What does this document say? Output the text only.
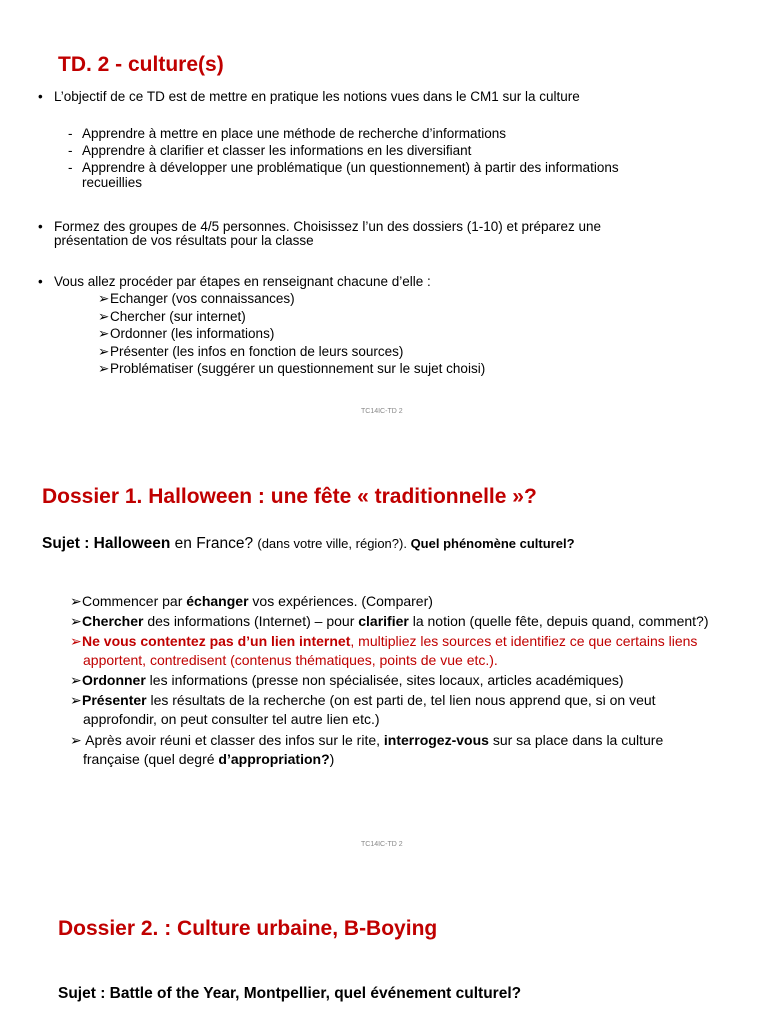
TD. 2 - culture(s)
• L’objectif de ce TD est de mettre en pratique les notions vues dans le CM1 sur la culture
- Apprendre à mettre en place une méthode de recherche d’informations
- Apprendre à clarifier et classer les informations en les diversifiant
- Apprendre à développer une problématique (un questionnement) à partir des informations
recueillies
• Formez des groupes de 4/5 personnes. Choisissez l’un des dossiers (1-10) et préparez une
présentation de vos résultats pour la classe
• Vous allez procéder par étapes en renseignant chacune d’elle :
➢Echanger (vos connaissances)
➢Chercher (sur internet)
➢Ordonner (les informations)
➢Présenter (les infos en fonction de leurs sources)
➢Problématiser (suggérer un questionnement sur le sujet choisi)
TC14IC-TD 2
Dossier 1. Halloween : une fête « traditionnelle »?
Sujet : Halloween en France? (dans votre ville, région?). Quel phénomène culturel?
➢Commencer par échanger vos expériences. (Comparer)
➢Chercher des informations (Internet) – pour clarifier la notion (quelle fête, depuis quand, comment?)
➢Ne vous contentez pas d’un lien internet, multipliez les sources et identifiez ce que certains liens
apportent, contredisent (contenus thématiques, points de vue etc.).
➢Ordonner les informations (presse non spécialisée, sites locaux, articles académiques)
➢Présenter les résultats de la recherche (on est parti de, tel lien nous apprend que, si on veut
approfondir, on peut consulter tel autre lien etc.)
➢ Après avoir réuni et classer des infos sur le rite, interrogez-vous sur sa place dans la culture
française (quel degré d’appropriation?)
TC14IC-TD 2
Dossier 2. : Culture urbaine, B-Boying
Sujet : Battle of the Year, Montpellier, quel événement culturel?
